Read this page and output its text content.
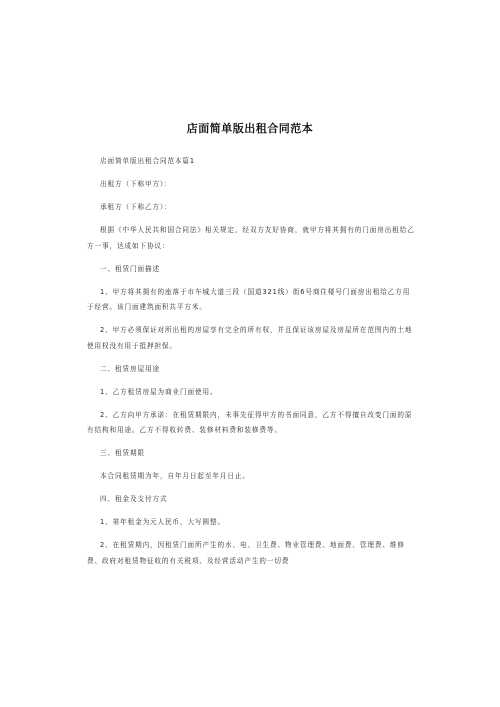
店面简单版出租合同范本

店面简单版出租合同范本篇1

出租方（下称甲方）：

承租方（下称乙方）：

根据《中华人民共和国合同法》相关规定，经双方友好协商，就甲方将其拥有的门面房出租给乙方一事，达成如下协议：

一、租赁门面描述

1、甲方将其拥有的座落于市车城大道三段（国道321线）街6号商住楼号门面房出租给乙方用于经营。该门面建筑面积共平方米。

2、甲方必须保证对所出租的房屋享有完全的所有权，并且保证该房屋及房屋所在范围内的土地使用权没有用于抵押担保。

二、租赁房屋用途

1、乙方租赁房屋为商业门面使用。

2、乙方向甲方承诺：在租赁期限内，未事先征得甲方的书面同意，乙方不得擅自改变门面的原有结构和用途。乙方不得收转费、装修材料费和装修费等。

三、租赁期限

本合同租赁期为年，自年月日起至年月日止。

四、租金及支付方式

1、第年租金为元人民币，大写圆整。

2、在租赁期内，因租赁门面所产生的水、电、卫生费、物业管理费、地面费、管理费、维修费、政府对租赁物征收的有关税项、及经营活动产生的一切费
